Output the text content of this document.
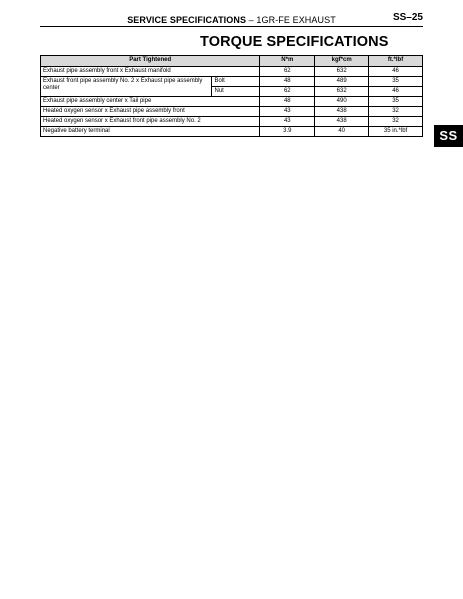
SERVICE SPECIFICATIONS – 1GR-FE EXHAUST	SS–25
TORQUE SPECIFICATIONS
Part Tightened		N*m	kgf*cm	ft.*lbf
Exhaust pipe assembly front x Exhaust manifold		62	632	46
Exhaust front pipe assembly No. 2 x Exhaust pipe assembly center	Bolt	48	489	35
	Nut	62	632	46
Exhaust pipe assembly center x Tail pipe		48	490	35
Heated oxygen sensor x Exhaust pipe assembly front		43	438	32
Heated oxygen sensor x Exhaust front pipe assembly No. 2		43	438	32
Negative battery terminal		3.9	40	35 in.*lbf	SS
